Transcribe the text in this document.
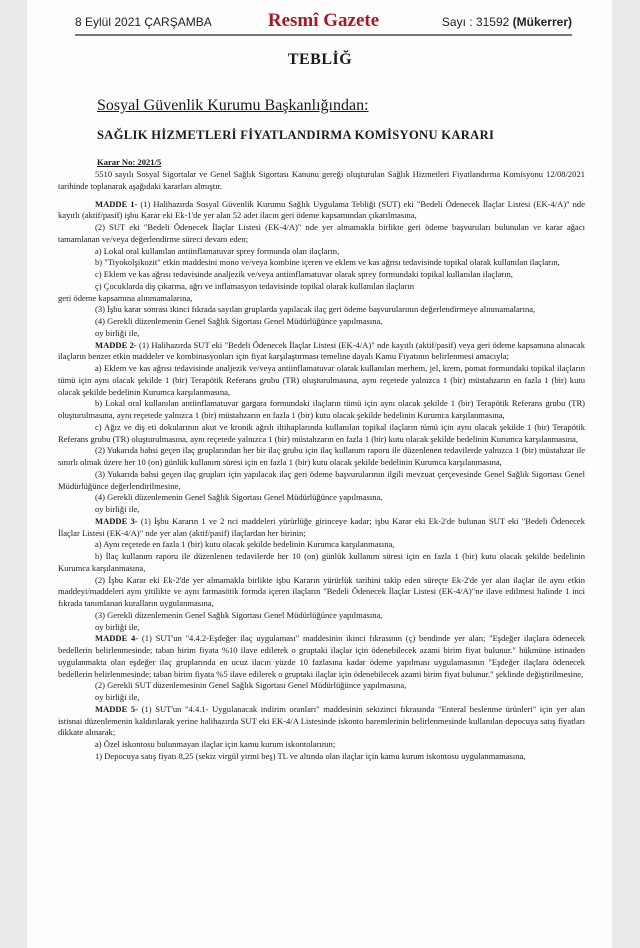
8 Eylül 2021 ÇARŞAMBA	Resmî Gazete	Sayı : 31592 (Mükerrer)
TEBLİĞ
Sosyal Güvenlik Kurumu Başkanlığından:
SAĞLIK HİZMETLERİ FİYATLANDIRMA KOMİSYONU KARARI
Karar No: 2021/5

5510 sayılı Sosyal Sigortalar ve Genel Sağlık Sigortası Kanunu gereği oluşturulan Sağlık Hizmetleri Fiyatlandırma Komisyonu 12/08/2021 tarihinde toplanarak aşağıdaki kararları almıştır.

MADDE 1- (1) Halihazırda Sosyal Güvenlik Kurumu Sağlık Uygulama Tebliği (SUT) eki "Bedeli Ödenecek İlaçlar Listesi (EK-4/A)" nde kayıtlı (aktif/pasif) işbu Karar eki Ek-1'de yer alan 52 adet ilacın geri ödeme kapsamından çıkarılmasına,

(2) SUT eki "Bedeli Ödenecek İlaçlar Listesi (EK-4/A)" nde yer almamakla birlikte geri ödeme başvuruları bulunulan ve karar ağacı tamamlanan ve/veya değerlendirme süreci devam eden;

a) Lokal oral kullanılan antiinflamatuvar sprey formunda olan ilaçların,

b) "Tiyokolşikozit" etkin maddesini mono ve/veya kombine içeren ve eklem ve kas ağrısı tedavisinde topikal olarak kullanılan ilaçların,

c) Eklem ve kas ağrısı tedavisinde analjezik ve/veya antiinflamatuvar olarak sprey formundaki topikal kullanılan ilaçların,

ç) Çocuklarda diş çıkarma, ağrı ve inflamasyon tedavisinde topikal olarak kullanılan ilaçların

geri ödeme kapsamına alınmamalarına,

(3) İşbu karar sonrası ikinci fıkrada sayılan gruplarda yapılacak ilaç geri ödeme başvurularının değerlendirmeye alınmamalarına,

(4) Gerekli düzenlemenin Genel Sağlık Sigortası Genel Müdürlüğünce yapılmasına,

oy birliği ile,

MADDE 2- (1) Halihazırda SUT eki "Bedeli Ödenecek İlaçlar Listesi (EK-4/A)" nde kayıtlı (aktif/pasif) veya geri ödeme kapsamına alınacak ilaçların benzer etkin maddeler ve kombinasyonları için fiyat karşılaştırması temeline dayalı Kamu Fiyatının belirlenmesi amacıyla;

a) Eklem ve kas ağrısı tedavisinde analjezik ve/veya antiinflamatuvar olarak kullanılan merhem, jel, krem, pomat formundaki topikal ilaçların tümü için aynı olacak şekilde 1 (bir) Terapötik Referans grubu (TR) oluşturulmasına, aynı reçetede yalnızca 1 (bir) müstahzarın en fazla 1 (bir) kutu olacak şekilde bedelinin Kurumca karşılanmasına,

b) Lokal oral kullanılan antiinflamatuvar gargara formundaki ilaçların tümü için aynı olacak şekilde 1 (bir) Terapötik Referans grubu (TR) oluşturulmasına, aynı reçetede yalnızca 1 (bir) müstahzarın en fazla 1 (bir) kutu olacak şekilde bedelinin Kurumca karşılanmasına,

c) Ağız ve diş eti dokularının akut ve kronik ağrılı iltihaplarında kullanılan topikal ilaçların tümü için aynı olacak şekilde 1 (bir) Terapötik Referans grubu (TR) oluşturulmasına, aynı reçetede yalnızca 1 (bir) müstahzarın en fazla 1 (bir) kutu olacak şekilde bedelinin Kurumca karşılanmasına,

(2) Yukarıda bahsi geçen ilaç gruplarından her bir ilaç grubu için ilaç kullanım raporu ile düzenlenen tedavilerde yalnızca 1 (bir) müstahzar ile sınırlı olmak üzere her 10 (on) günlük kullanım süresi için en fazla 1 (bir) kutu olacak şekilde bedelinin Kurumca karşılanmasına,

(3) Yukarıda bahsi geçen ilaç grupları için yapılacak ilaç geri ödeme başvurularının ilgili mevzuat çerçevesinde Genel Sağlık Sigortası Genel Müdürlüğünce değerlendirilmesine,

(4) Gerekli düzenlemenin Genel Sağlık Sigortası Genel Müdürlüğünce yapılmasına,

oy birliği ile,

MADDE 3- (1) İşbu Kararın 1 ve 2 nci maddeleri yürürlüğe girinceye kadar; işbu Karar eki Ek-2'de bulunan SUT eki "Bedeli Ödenecek İlaçlar Listesi (EK-4/A)" nde yer alan (aktif/pasif) ilaçlardan her birinin;

a) Aynı reçetede en fazla 1 (bir) kutu olacak şekilde bedelinin Kurumca karşılanmasına,

b) İlaç kullanım raporu ile düzenlenen tedavilerde her 10 (on) günlük kullanım süresi için en fazla 1 (bir) kutu olacak şekilde bedelinin Kurumca karşılanmasına,

(2) İşbu Karar eki Ek-2'de yer almamakla birlikte işbu Kararın yürürlük tarihini takip eden süreçte Ek-2'de yer alan ilaçlar ile aynı etkin maddeyi/maddeleri aynı yitilikte ve aynı farmasötik formda içeren ilaçların "Bedeli Ödenecek İlaçlar Listesi (EK-4/A)"ne ilave edilmesi halinde 1 inci fıkrada tanımlanan kuralların uygulanmasına,

(3) Gerekli düzenlemenin Genel Sağlık Sigortası Genel Müdürlüğünce yapılmasına,

oy birliği ile,

MADDE 4- (1) SUT'un "4.4.2-Eşdeğer ilaç uygulaması" maddesinin ikinci fıkrasının (ç) bendinde yer alan; "Eşdeğer ilaçlara ödenecek bedellerin belirlenmesinde; taban birim fiyata %10 ilave edilerek o gruptaki ilaçlar için ödenebilecek azami birim fiyat bulunur." hükmüne istinaden uygulanmakta olan eşdeğer ilaç gruplarında en ucuz ilacın yüzde 10 fazlasına kadar ödeme yapılması uygulamasının "Eşdeğer ilaçlara ödenecek bedellerin belirlenmesinde; taban birim fiyata %5 ilave edilerek o gruptaki ilaçlar için ödenebilecek azami birim fiyat bulunur." şeklinde değiştirilmesine,

(2) Gerekli SUT düzenlemesinin Genel Sağlık Sigortası Genel Müdürlüğünce yapılmasına,

oy birliği ile,

MADDE 5- (1) SUT'un "4.4.1- Uygulanacak indirim oranları" maddesinin sekizinci fıkrasında "Enteral beslenme ürünleri" için yer alan istisnai düzenlemenin kaldırılarak yerine halihazırda SUT eki EK-4/A Listesinde iskonto baremlerinin belirlenmesinde kullanılan depocuya satış fiyatları dikkate alınarak;

a) Özel iskontosu bulunmayan ilaçlar için kamu kurum iskontolarının;

1) Depocuya satış fiyatı 8,25 (sekiz virgül yirmi beş) TL ve altında olan ilaçlar için kamu kurum iskontosu uygulanmamasına,
